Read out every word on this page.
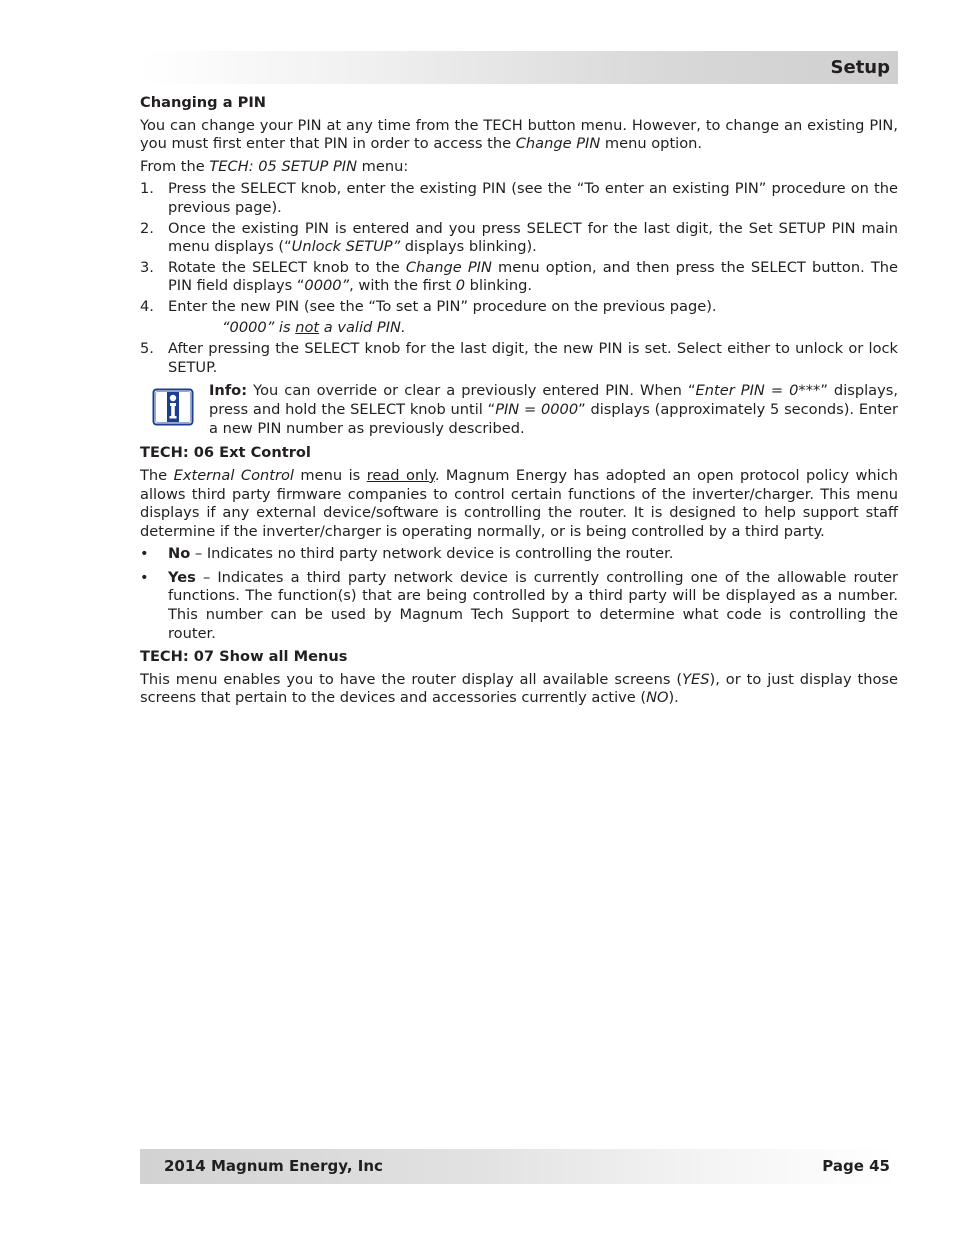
Setup
Changing a PIN

You can change your PIN at any time from the TECH button menu. However, to change an existing PIN, you must first enter that PIN in order to access the Change PIN menu option.

From the TECH: 05 SETUP PIN menu:

1. Press the SELECT knob, enter the existing PIN (see the “To enter an existing PIN” procedure on the previous page).
2. Once the existing PIN is entered and you press SELECT for the last digit, the Set SETUP PIN main menu displays (“Unlock SETUP” displays blinking).
3. Rotate the SELECT knob to the Change PIN menu option, and then press the SELECT button. The PIN field displays “0000”, with the first 0 blinking.
4. Enter the new PIN (see the “To set a PIN” procedure on the previous page).
“0000” is not a valid PIN.
5. After pressing the SELECT knob for the last digit, the new PIN is set. Select either to unlock or lock SETUP.
Info: You can override or clear a previously entered PIN. When “Enter PIN = 0***” displays, press and hold the SELECT knob until “PIN = 0000” displays (approximately 5 seconds). Enter a new PIN number as previously described.
TECH: 06 Ext Control

The External Control menu is read only. Magnum Energy has adopted an open protocol policy which allows third party firmware companies to control certain functions of the inverter/charger. This menu displays if any external device/software is controlling the router. It is designed to help support staff determine if the inverter/charger is operating normally, or is being controlled by a third party.

• No – Indicates no third party network device is controlling the router.
• Yes – Indicates a third party network device is currently controlling one of the allowable router functions. The function(s) that are being controlled by a third party will be displayed as a number. This number can be used by Magnum Tech Support to determine what code is controlling the router.
TECH: 07 Show all Menus

This menu enables you to have the router display all available screens (YES), or to just display those screens that pertain to the devices and accessories currently active (NO).

2014 Magnum Energy, Inc	Page 45
